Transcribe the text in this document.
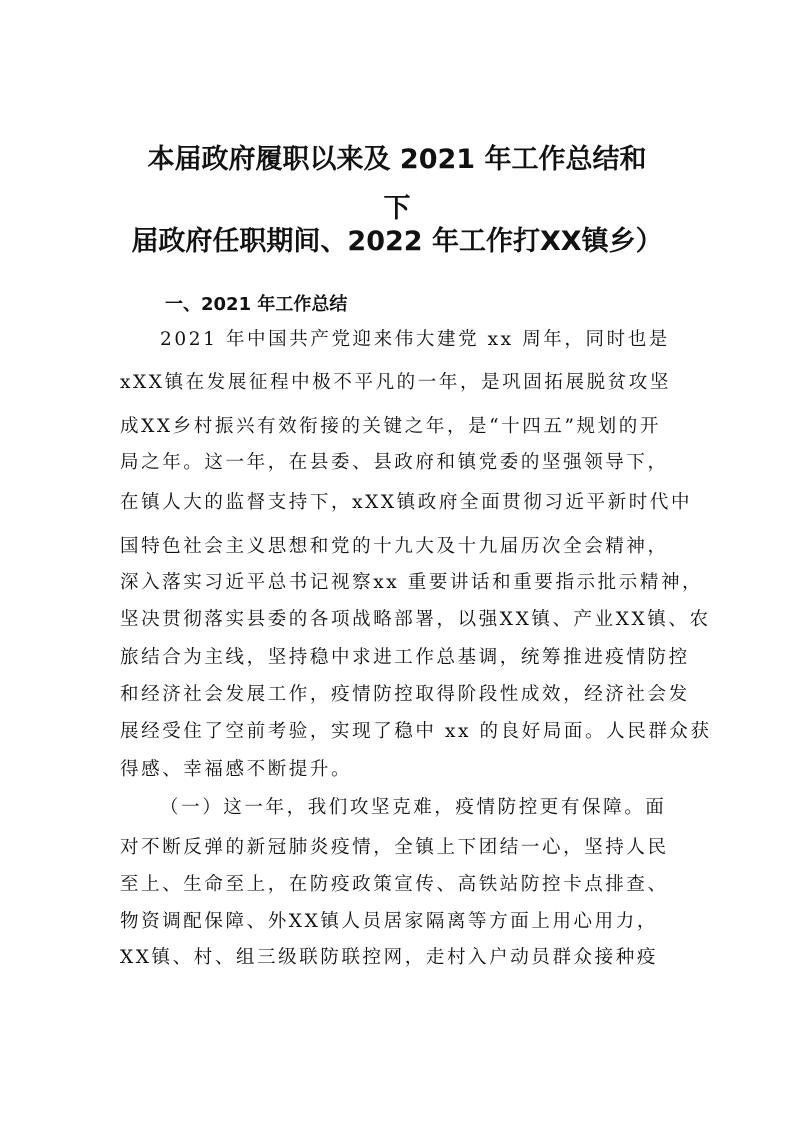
本届政府履职以来及 2021 年工作总结和
下
届政府任职期间、2022 年工作打XX镇乡）
一、2021 年工作总结
2021 年中国共产党迎来伟大建党 xx 周年，同时也是
xXX镇在发展征程中极不平凡的一年，是巩固拓展脱贫攻坚
成XX乡村振兴有效衔接的关键之年，是“十四五”规划的开
局之年。这一年，在县委、县政府和镇党委的坚强领导下，
在镇人大的监督支持下，xXX镇政府全面贯彻习近平新时代中
国特色社会主义思想和党的十九大及十九届历次全会精神，
深入落实习近平总书记视察xx 重要讲话和重要指示批示精神，
坚决贯彻落实县委的各项战略部署，以强XX镇、产业XX镇、农
旅结合为主线，坚持稳中求进工作总基调，统筹推进疫情防控
和经济社会发展工作，疫情防控取得阶段性成效，经济社会发
展经受住了空前考验，实现了稳中 xx 的良好局面。人民群众获
得感、幸福感不断提升。
（一）这一年，我们攻坚克难，疫情防控更有保障。面
对不断反弹的新冠肺炎疫情，全镇上下团结一心，坚持人民
至上、生命至上，在防疫政策宣传、高铁站防控卡点排查、
物资调配保障、外XX镇人员居家隔离等方面上用心用力，
XX镇、村、组三级联防联控网，走村入户动员群众接种疫
